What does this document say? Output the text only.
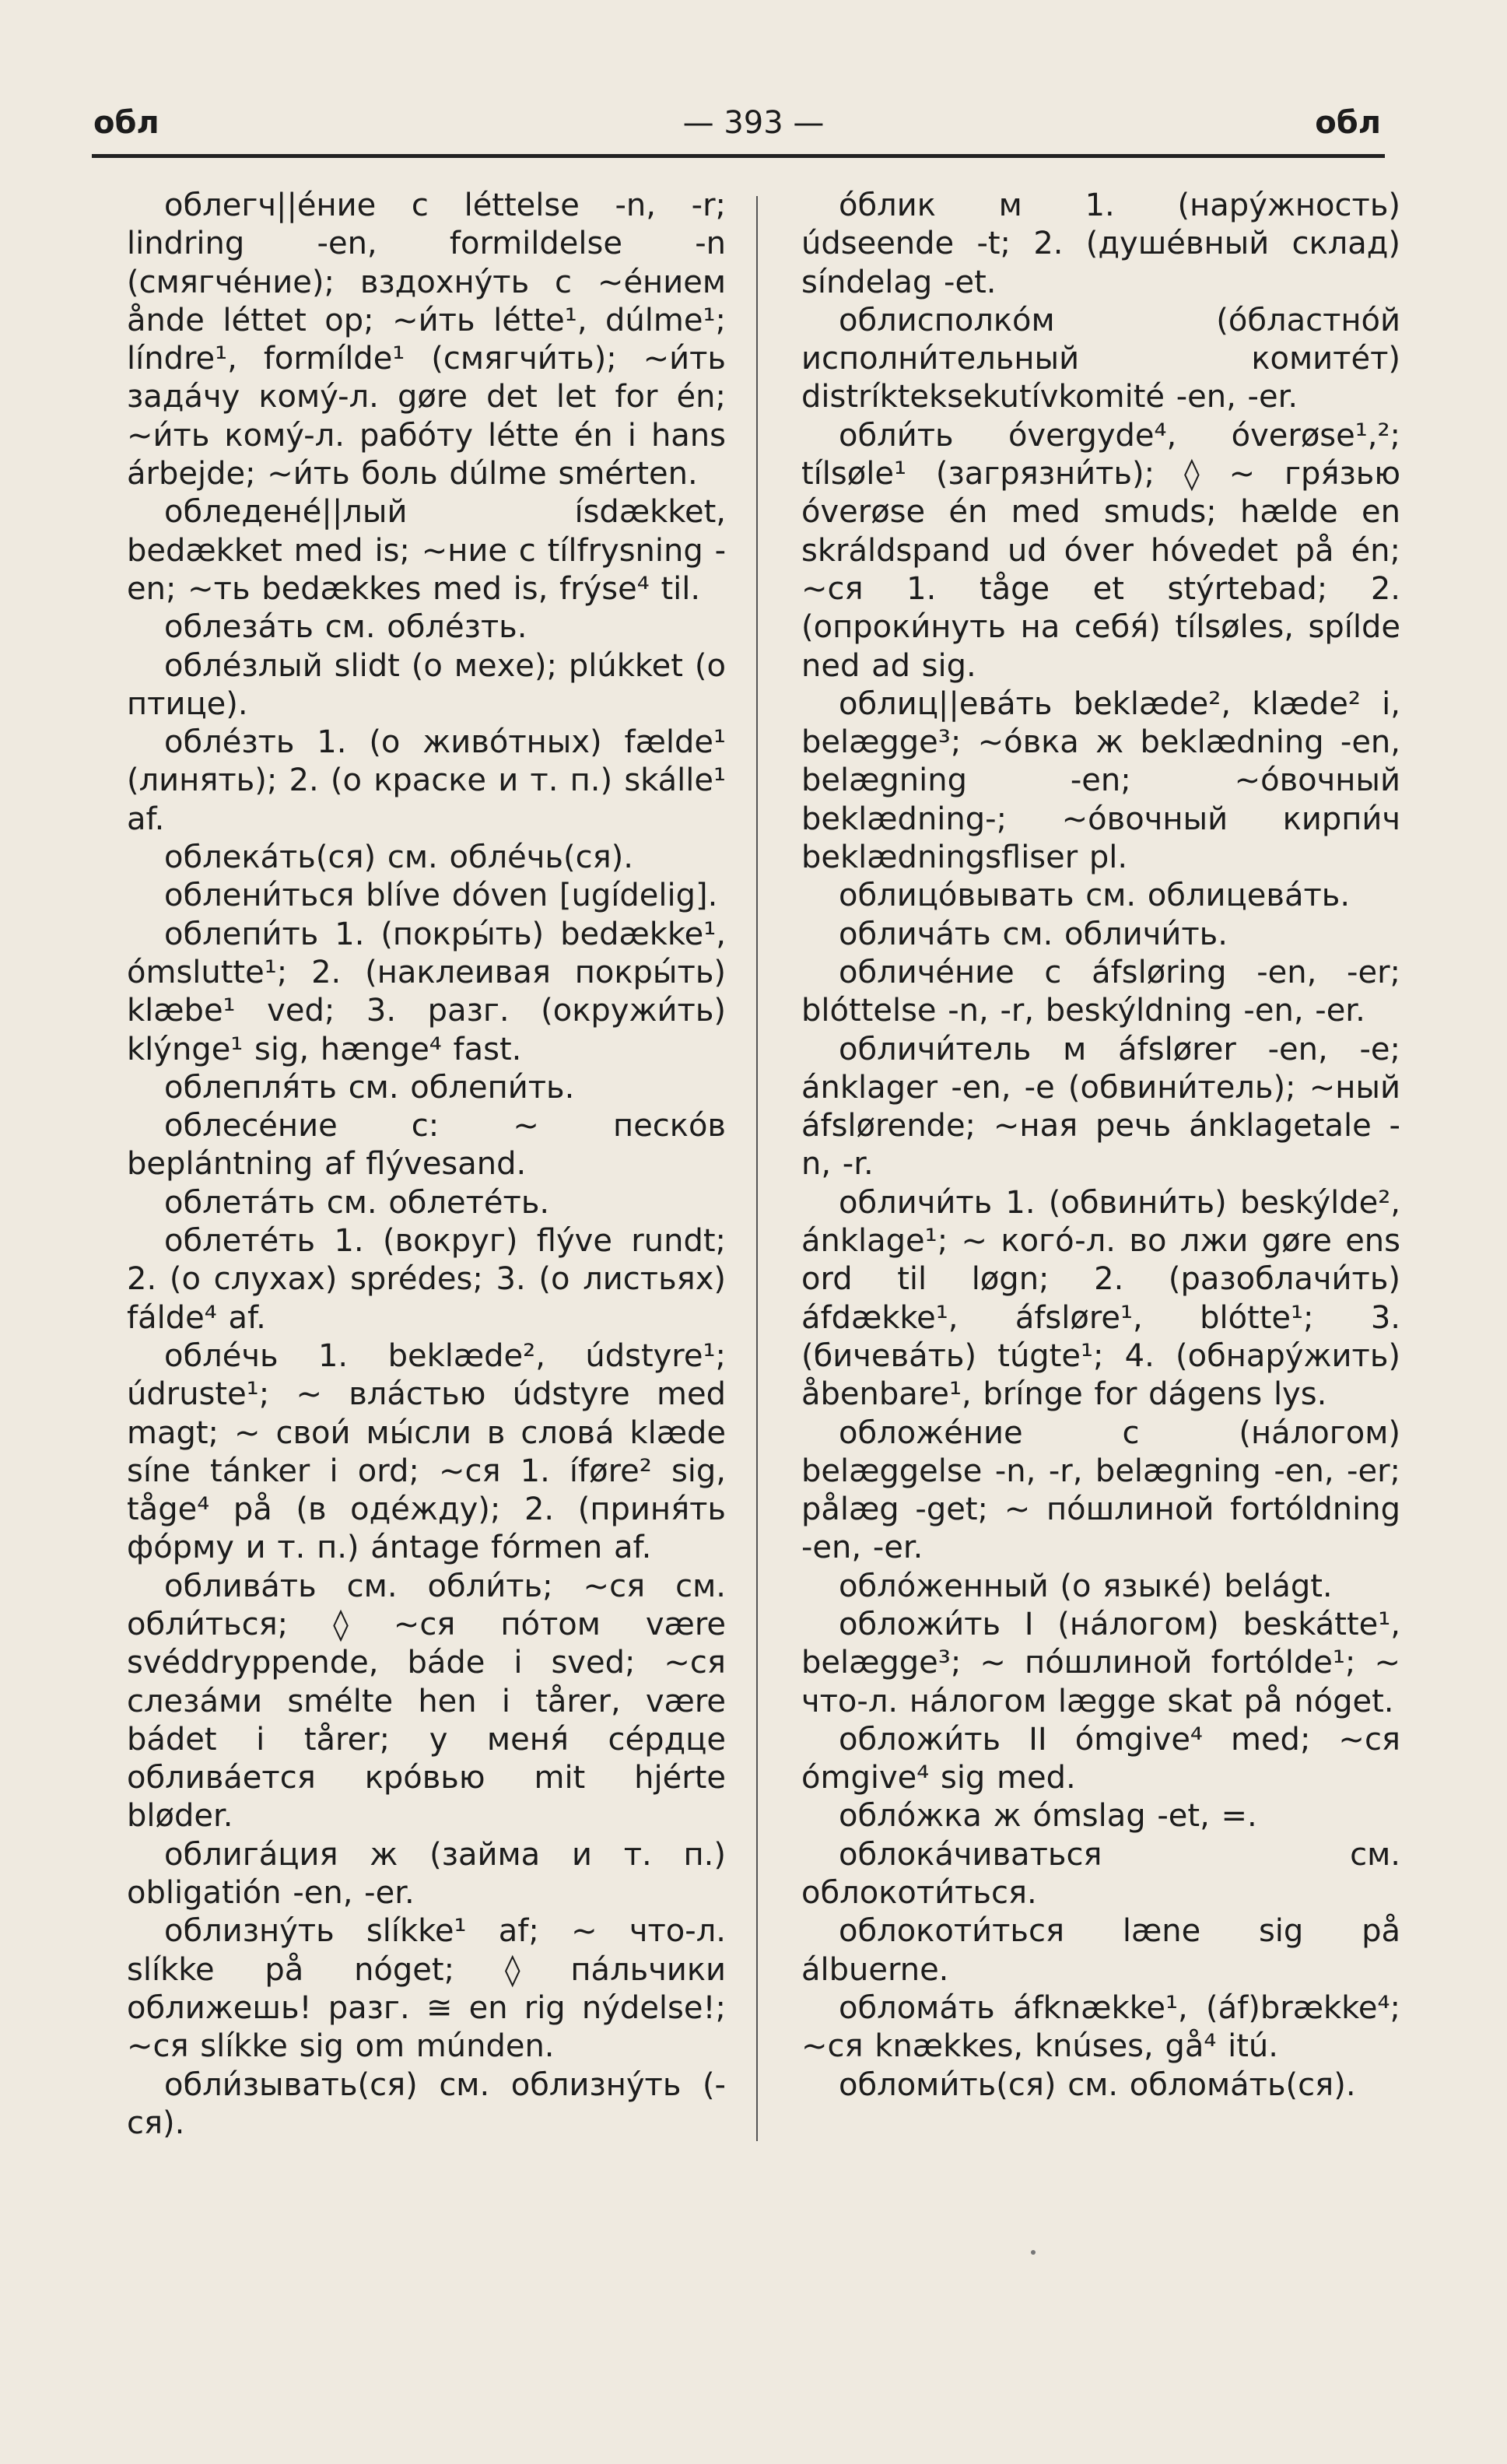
— 393 —
обл	обл

облегч||éние с léttelse -n, -r; lindring -en, formildelse -n (смягчéние); вздохнýть с ~éнием ånde léttet op; ~и́ть létte¹, dúlme¹; líndre¹, formílde¹ (смягчи́ть); ~и́ть задáчу комý-л. gøre det let for én; ~и́ть комý-л. рабóту létte én i hans árbejde; ~и́ть боль dúlme smérten.

обледенé||лый ísdækket, bedækket med is; ~ние с tílfrysning -en; ~ть bedækkes med is, frýse⁴ til.

облезáть см. облéзть.

облéзлый slidt (о мехе); plúkket (о птице).

облéзть 1. (о живóтных) fælde¹ (линять); 2. (о краске и т. п.) skálle¹ af.

облекáть(ся) см. облéчь(ся).

облени́ться blíve dóven [ugídelig].

облепи́ть 1. (покры́ть) bedække¹, ómslutte¹; 2. (наклеивая покры́ть) klæbe¹ ved; 3. разг. (окружи́ть) klýnge¹ sig, hænge⁴ fast.

облепля́ть см. облепи́ть.

облесéние с: ~ пескóв beplántning af flývesand.

облетáть см. облетéть.

облетéть 1. (вокруг) flýve rundt; 2. (о слухах) sprédes; 3. (о листьях) fálde⁴ af.

облéчь 1. beklæde², údstyre¹; údruste¹; ~ влáстью údstyre med magt; ~ свои́ мы́сли в словá klæde síne tánker i ord; ~ся 1. íføre² sig, tåge⁴ på (в одéжду); 2. (приня́ть фóрму и т. п.) ántage fórmen af.

обливáть см. обли́ть; ~ся см. обли́ться; ◊ ~ся пóтом være svéddryppende, báde i sved; ~ся слезáми smélte hen i tårer, være bádet i tårer; у меня́ сéрдце обливáется крóвью mit hjérte bløder.

облигáция ж (займа и т. п.) obligatión -en, -er.

облизнýть slíkke¹ af; ~ что-л. slíkke på nóget; ◊ пáльчики оближешь! разг. ≅ en rig nýdelse!; ~ся slíkke sig om múnden.

обли́зывать(ся) см. облизнýть (-ся).

óблик м 1. (нарýжность) údseende -t; 2. (душéвный склад) síndelag -et.

облисполкóм (óбластнóй исполни́тельный комитéт) distríkteksekutívkomité -en, -er.

обли́ть óvergyde⁴, óverøse¹,²; tílsøle¹ (загрязни́ть); ◊ ~ гря́зью óverøse én med smuds; hælde en skráldspand ud óver hóvedet på én; ~ся 1. tåge et stýrtebad; 2. (опроки́нуть на себя́) tílsøles, spílde ned ad sig.

облиц||евáть beklæde², klæde² i, belægge³; ~óвка ж beklædning -en, belægning -en; ~óвочный beklædning-; ~óвочный кирпи́ч beklædningsfliser pl.

облицóвывать см. облицевáть.

обличáть см. обличи́ть.

обличéние с áfsløring -en, -er; blóttelse -n, -r, beskýldning -en, -er.

обличи́тель м áfslører -en, -e; ánklager -en, -e (обвини́тель); ~ный áfslørende; ~ная речь ánklagetale -n, -r.

обличи́ть 1. (обвини́ть) beskýlde², ánklage¹; ~ когó-л. во лжи gøre ens ord til løgn; 2. (разоблачи́ть) áfdække¹, áfsløre¹, blótte¹; 3. (бичевáть) túgte¹; 4. (обнарýжить) åbenbare¹, brínge for dágens lys.

обложéние с (нáлогом) belæggelse -n, -r, belægning -en, -er; pålæg -get; ~ пóшлиной fortóldning -en, -er.

облóженный (о языкé) belágt.

обложи́ть I (нáлогом) beskátte¹, belægge³; ~ пóшлиной fortólde¹; ~ что-л. нáлогом lægge skat på nóget.

обложи́ть II ómgive⁴ med; ~ся ómgive⁴ sig med.

облóжка ж ómslag -et, =.

облокáчиваться см. облокоти́ться.

облокоти́ться læne sig på álbuerne.

обломáть áfknække¹, (áf)brække⁴; ~ся knækkes, knúses, gå⁴ itú.

обломи́ть(ся) см. обломáть(ся).
